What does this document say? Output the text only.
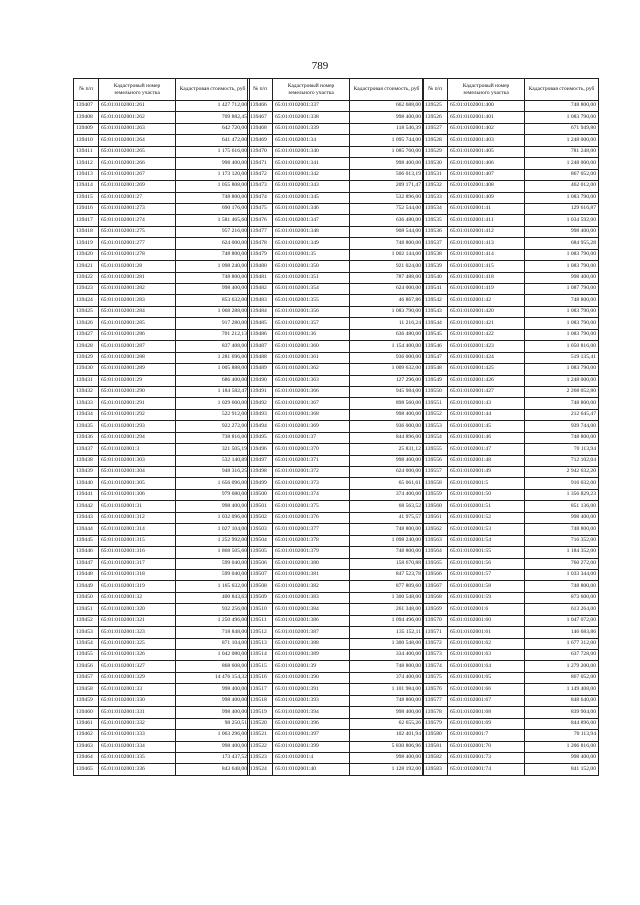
789
№ п/п	Кадастровый номер земельного участка	Кадастровая стоимость, руб
139407	65:01:0102001:261	1 427 712,00
139408	65:01:0102001:262	709 882,45
139409	65:01:0102001:263	642 720,00
139410	65:01:0102001:264	641 472,00
139411	65:01:0102001:265	1 175 616,00
139412	65:01:0102001:266	998 400,00
139413	65:01:0102001:267	1 173 120,00
139414	65:01:0102001:269	1 055 808,00
139415	65:01:0102001:27	748 800,00
139416	65:01:0102001:273	690 176,00
139417	65:01:0102001:274	1 581 465,60
139418	65:01:0102001:275	957 216,00
139419	65:01:0102001:277	624 000,00
139420	65:01:0102001:278	748 800,00
139421	65:01:0102001:28	1 098 240,00
139422	65:01:0102001:281	748 800,00
139423	65:01:0102001:282	998 400,00
139424	65:01:0102001:283	853 632,00
139425	65:01:0102001:284	1 068 288,00
139426	65:01:0102001:285	917 280,00
139427	65:01:0102001:286	701 212,13
139428	65:01:0102001:287	837 408,00
139429	65:01:0102001:288	1 281 696,00
139430	65:01:0102001:289	1 005 888,00
139431	65:01:0102001:29	686 400,00
139432	65:01:0102001:290	1 184 582,47
139433	65:01:0102001:291	1 029 600,00
139434	65:01:0102001:292	522 912,00
139435	65:01:0102001:293	922 272,00
139436	65:01:0102001:294	738 816,00
139437	65:01:0102001:3	321 505,19
139438	65:01:0102001:303	532 140,89
139439	65:01:0102001:304	948 316,25
139440	65:01:0102001:305	1 656 096,00
139441	65:01:0102001:306	979 680,00
139442	65:01:0102001:31	998 400,00
139443	65:01:0102001:312	1 032 096,00
139444	65:01:0102001:314	1 027 104,00
139445	65:01:0102001:315	1 252 992,00
139446	65:01:0102001:316	1 868 505,60
139447	65:01:0102001:317	599 040,00
139448	65:01:0102001:318	599 040,00
139449	65:01:0102001:319	1 165 632,00
139450	65:01:0102001:32	400 843,63
139451	65:01:0102001:320	932 256,00
139452	65:01:0102001:321	1 250 496,00
139453	65:01:0102001:323	718 848,00
139454	65:01:0102001:325	871 104,00
139455	65:01:0102001:326	1 042 080,00
139456	65:01:0102001:327	868 608,00
139457	65:01:0102001:329	14 476 154,32
139458	65:01:0102001:33	998 400,00
139459	65:01:0102001:330	998 400,00
139460	65:01:0102001:331	998 400,00
139461	65:01:0102001:332	98 250,51
139462	65:01:0102001:333	1 063 296,00
139463	65:01:0102001:334	998 400,00
139464	65:01:0102001:335	173 437,52
139465	65:01:0102001:336	843 648,00
№ п/п	Кадастровый номер земельного участка	Кадастровая стоимость, руб
139466	65:01:0102001:337	662 688,00
139467	65:01:0102001:338	998 400,00
139468	65:01:0102001:339	118 546,39
139469	65:01:0102001:34	1 095 744,00
139470	65:01:0102001:340	1 085 760,00
139471	65:01:0102001:341	998 400,00
139472	65:01:0102001:342	506 013,19
139473	65:01:0102001:343	209 171,47
139474	65:01:0102001:345	532 896,00
139475	65:01:0102001:346	752 544,00
139476	65:01:0102001:347	636 480,00
139477	65:01:0102001:348	908 544,00
139478	65:01:0102001:349	748 800,00
139479	65:01:0102001:35	1 002 144,00
139480	65:01:0102001:350	921 024,00
139481	65:01:0102001:351	787 488,00
139482	65:01:0102001:354	624 000,00
139483	65:01:0102001:355	46 867,86
139484	65:01:0102001:356	1 083 790,00
139485	65:01:0102001:357	11 216,24
139486	65:01:0102001:36	636 480,00
139487	65:01:0102001:360	1 154 400,00
139488	65:01:0102001:361	936 000,00
139489	65:01:0102001:362	1 009 632,00
139490	65:01:0102001:363	127 296,00
139491	65:01:0102001:366	945 984,00
139492	65:01:0102001:367	898 560,00
139493	65:01:0102001:368	998 400,00
139494	65:01:0102001:369	936 000,00
139495	65:01:0102001:37	844 896,00
139496	65:01:0102001:370	25 831,12
139497	65:01:0102001:371	998 400,00
139498	65:01:0102001:372	624 000,00
139499	65:01:0102001:373	65 061,61
139500	65:01:0102001:374	374 400,00
139501	65:01:0102001:375	68 563,52
139502	65:01:0102001:376	41 975,57
139503	65:01:0102001:377	748 800,00
139504	65:01:0102001:378	1 098 240,00
139505	65:01:0102001:379	748 800,00
139506	65:01:0102001:380	158 670,88
139507	65:01:0102001:381	847 523,78
139508	65:01:0102001:382	877 809,60
139509	65:01:0102001:383	1 300 548,00
139510	65:01:0102001:384	261 348,00
139511	65:01:0102001:386	1 094 496,00
139512	65:01:0102001:387	135 152,11
139513	65:01:0102001:388	1 300 548,00
139514	65:01:0102001:389	334 400,00
139515	65:01:0102001:39	748 800,00
139516	65:01:0102001:390	374 400,00
139517	65:01:0102001:391	1 101 984,00
139518	65:01:0102001:393	748 800,00
139519	65:01:0102001:394	998 400,00
139520	65:01:0102001:396	62 655,26
139521	65:01:0102001:397	102 401,94
139522	65:01:0102001:399	5 830 806,96
139523	65:01:0102001:4	998 400,00
139524	65:01:0102001:40	1 128 192,00
№ п/п	Кадастровый номер земельного участка	Кадастровая стоимость, руб
139525	65:01:0102001:400	748 800,00
139526	65:01:0102001:401	1 083 790,00
139527	65:01:0102001:402	671 949,80
139528	65:01:0102001:403	1 248 000,00
139529	65:01:0102001:405	781 248,00
139530	65:01:0102001:406	1 248 000,00
139531	65:01:0102001:407	867 052,00
139532	65:01:0102001:408	462 012,00
139533	65:01:0102001:409	1 083 790,00
139534	65:01:0102001:41	129 616,87
139535	65:01:0102001:411	1 034 592,00
139536	65:01:0102001:412	998 400,00
139537	65:01:0102001:413	684 955,28
139538	65:01:0102001:414	1 083 790,00
139539	65:01:0102001:415	1 083 790,00
139540	65:01:0102001:418	998 400,00
139541	65:01:0102001:419	1 087 790,00
139542	65:01:0102001:42	748 800,00
139543	65:01:0102001:420	1 083 790,00
139544	65:01:0102001:421	1 083 790,00
139545	65:01:0102001:422	1 083 790,00
139546	65:01:0102001:423	1 050 816,00
139547	65:01:0102001:424	519 135,41
139548	65:01:0102001:425	1 083 790,00
139549	65:01:0102001:426	1 248 000,00
139550	65:01:0102001:427	2 268 052,80
139551	65:01:0102001:43	748 800,00
139552	65:01:0102001:44	212 645,47
139553	65:01:0102001:45	939 744,00
139554	65:01:0102001:46	748 800,00
139555	65:01:0102001:47	70 113,94
139556	65:01:0102001:48	712 102,04
139557	65:01:0102001:49	2 942 632,20
139558	65:01:0102001:5	916 032,00
139559	65:01:0102001:50	1 356 829,23
139560	65:01:0102001:51	851 136,00
139561	65:01:0102001:52	998 400,00
139562	65:01:0102001:53	748 800,00
139563	65:01:0102001:54	716 352,00
139564	65:01:0102001:55	1 184 352,00
139565	65:01:0102001:56	760 272,00
139566	65:01:0102001:57	1 033 344,00
139567	65:01:0102001:58	748 800,00
139568	65:01:0102001:59	873 600,00
139569	65:01:0102001:6	613 264,00
139570	65:01:0102001:60	1 047 072,00
139571	65:01:0102001:61	146 683,86
139572	65:01:0102001:62	1 677 312,00
139573	65:01:0102001:63	637 728,00
139574	65:01:0102001:64	1 279 200,00
139575	65:01:0102001:65	867 052,00
139576	65:01:0102001:66	1 149 408,00
139577	65:01:0102001:67	848 640,00
139578	65:01:0102001:68	839 904,00
139579	65:01:0102001:69	844 896,00
139580	65:01:0102001:7	70 113,94
139581	65:01:0102001:70	1 206 816,00
139582	65:01:0102001:73	998 400,00
139583	65:01:0102001:74	841 152,00
